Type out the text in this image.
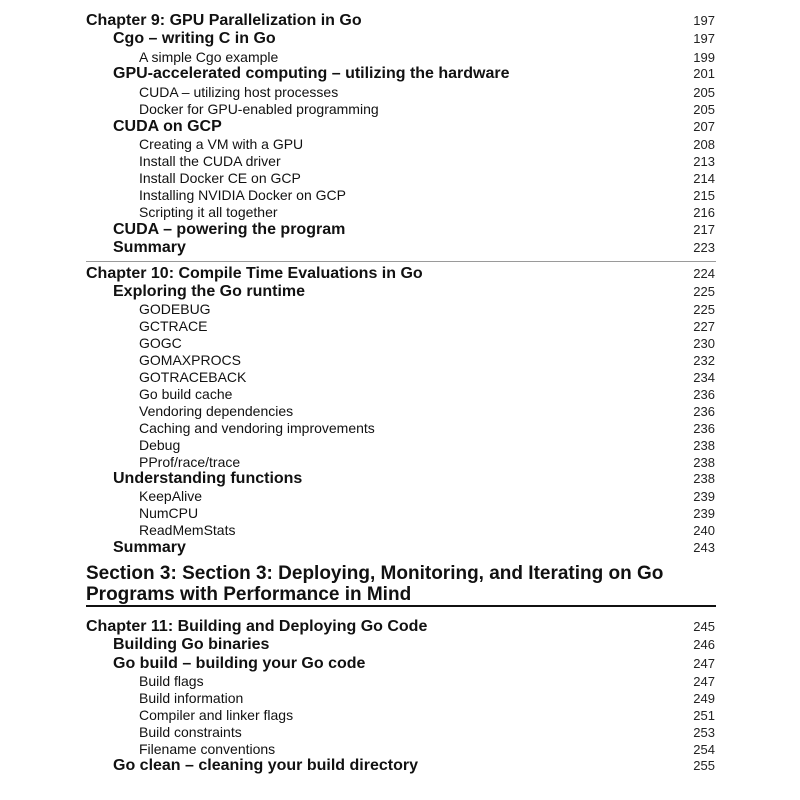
Chapter 9: GPU Parallelization in Go	197
Cgo – writing C in Go	197
A simple Cgo example	199
GPU-accelerated computing – utilizing the hardware	201
CUDA – utilizing host processes	205
Docker for GPU-enabled programming	205
CUDA on GCP	207
Creating a VM with a GPU	208
Install the CUDA driver	213
Install Docker CE on GCP	214
Installing NVIDIA Docker on GCP	215
Scripting it all together	216
CUDA – powering the program	217
Summary	223
Chapter 10: Compile Time Evaluations in Go	224
Exploring the Go runtime	225
GODEBUG	225
GCTRACE	227
GOGC	230
GOMAXPROCS	232
GOTRACEBACK	234
Go build cache	236
Vendoring dependencies	236
Caching and vendoring improvements	236
Debug	238
PProf/race/trace	238
Understanding functions	238
KeepAlive	239
NumCPU	239
ReadMemStats	240
Summary	243
Section 3: Section 3: Deploying, Monitoring, and Iterating on Go Programs with Performance in Mind
Chapter 11: Building and Deploying Go Code	245
Building Go binaries	246
Go build – building your Go code	247
Build flags	247
Build information	249
Compiler and linker flags	251
Build constraints	253
Filename conventions	254
Go clean – cleaning your build directory	255
